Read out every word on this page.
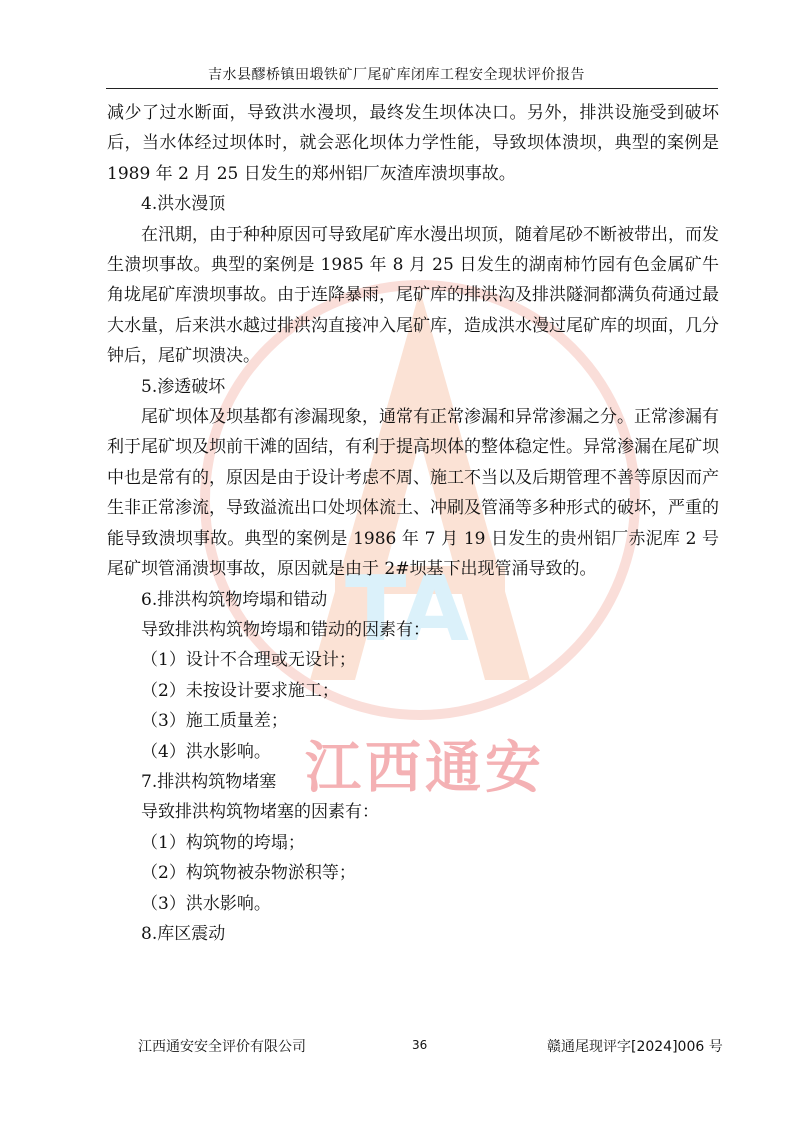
吉水县醪桥镇田塅铁矿厂尾矿库闭库工程安全现状评价报告
TA
江西通安

减少了过水断面，导致洪水漫坝，最终发生坝体决口。另外，排洪设施受到破坏后，当水体经过坝体时，就会恶化坝体力学性能，导致坝体溃坝，典型的案例是 1989 年 2 月 25 日发生的郑州铝厂灰渣库溃坝事故。

4.洪水漫顶

在汛期，由于种种原因可导致尾矿库水漫出坝顶，随着尾砂不断被带出，而发生溃坝事故。典型的案例是 1985 年 8 月 25 日发生的湖南柿竹园有色金属矿牛角垅尾矿库溃坝事故。由于连降暴雨，尾矿库的排洪沟及排洪隧洞都满负荷通过最大水量，后来洪水越过排洪沟直接冲入尾矿库，造成洪水漫过尾矿库的坝面，几分钟后，尾矿坝溃决。

5.渗透破坏

尾矿坝体及坝基都有渗漏现象，通常有正常渗漏和异常渗漏之分。正常渗漏有利于尾矿坝及坝前干滩的固结，有利于提高坝体的整体稳定性。异常渗漏在尾矿坝中也是常有的，原因是由于设计考虑不周、施工不当以及后期管理不善等原因而产生非正常渗流，导致溢流出口处坝体流土、冲刷及管涌等多种形式的破坏，严重的能导致溃坝事故。典型的案例是 1986 年 7 月 19 日发生的贵州铝厂赤泥库 2 号尾矿坝管涌溃坝事故，原因就是由于 2#坝基下出现管涌导致的。

6.排洪构筑物垮塌和错动

导致排洪构筑物垮塌和错动的因素有：

（1）设计不合理或无设计；

（2）未按设计要求施工；

（3）施工质量差；

（4）洪水影响。

7.排洪构筑物堵塞

导致排洪构筑物堵塞的因素有：

（1）构筑物的垮塌；

（2）构筑物被杂物淤积等；

（3）洪水影响。

8.库区震动

江西通安安全评价有限公司	36	赣通尾现评字[2024]006 号
